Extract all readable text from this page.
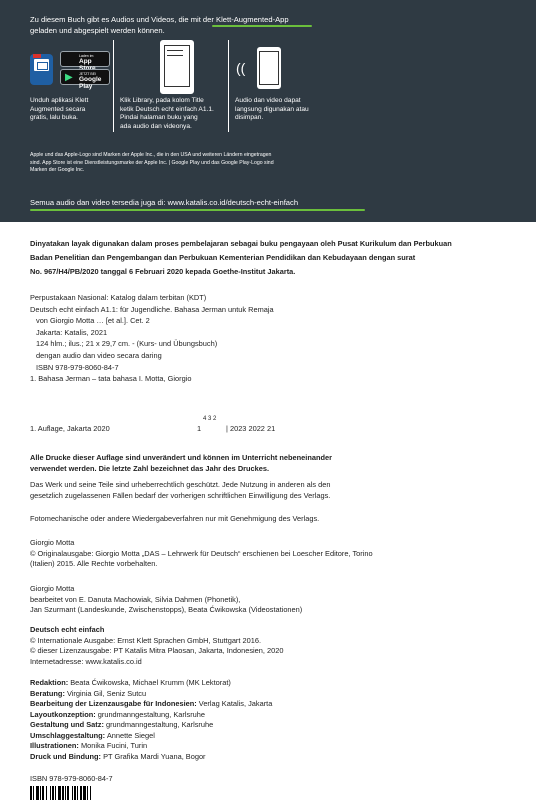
Zu diesem Buch gibt es Audios und Videos, die mit der Klett-Augmented-App
geladen und abgespielt werden können.
Laden im
App
▶ JETZT BEI
Google Play
((
Unduh aplikasi Klett
Augmented secara
gratis, lalu buka.
Klik Library, pada kolom Title
ketik Deutsch echt einfach A1.1.
Pindai halaman buku yang
ada audio dan videonya.
Audio dan video dapat
langsung digunakan atau
disimpan.
Apple und das Apple-Logo sind Marken der Apple Inc., die in den USA und weiteren Ländern eingetragen
sind. App Store ist eine Dienstleistungsmarke der Apple Inc. | Google Play und das Google Play-Logo sind
Marken der Google Inc.
Semua audio dan video tersedia juga di: www.katalis.co.id/deutsch-echt-einfach
Dinyatakan layak digunakan dalam proses pembelajaran sebagai buku pengayaan oleh Pusat Kurikulum dan Perbukuan
Badan Penelitian dan Pengembangan dan Perbukuan Kementerian Pendidikan dan Kebudayaan dengan surat
No. 967/H4/PB/2020 tanggal 6 Februari 2020 kepada Goethe-Institut Jakarta.
Perpustakaan Nasional: Katalog dalam terbitan (KDT)
Deutsch echt einfach A1.1: für Jugendliche. Bahasa Jerman untuk Remaja
von Giorgio Motta … [et al.]. Cet. 2
Jakarta: Katalis, 2021
124 hlm.; ilus.; 21 x 29,7 cm. - (Kurs- und Übungsbuch)
dengan audio dan video secara daring
ISBN 978-979-8060-84-7
1. Bahasa Jerman – tata bahasa I. Motta, Giorgio
1. Auflage, Jakarta 2020	1
4 3 2
| 2023 2022 21
Alle Drucke dieser Auflage sind unverändert und können im Unterricht nebeneinander
verwendet werden. Die letzte Zahl bezeichnet das Jahr des Druckes.
Das Werk und seine Teile sind urheberrechtlich geschützt. Jede Nutzung in anderen als den
gesetzlich zugelassenen Fällen bedarf der vorherigen schriftlichen Einwilligung des Verlags.
Fotomechanische oder andere Wiedergabeverfahren nur mit Genehmigung des Verlags.
Giorgio Motta
© Originalausgabe: Giorgio Motta „DAS – Lehrwerk für Deutsch“ erschienen bei Loescher Editore, Torino
(Italien) 2015. Alle Rechte vorbehalten.
Giorgio Motta
bearbeitet von E. Danuta Machowiak, Silvia Dahmen (Phonetik),
Jan Szurmant (Landeskunde, Zwischenstopps), Beata Ćwikowska (Videostationen)
Deutsch echt einfach
© Internationale Ausgabe: Ernst Klett Sprachen GmbH, Stuttgart 2016.
© dieser Lizenzausgabe: PT Katalis Mitra Plaosan, Jakarta, Indonesien, 2020
Internetadresse: www.katalis.co.id
Redaktion: Beata Ćwikowska, Michael Krumm (MK Lektorat)
Beratung: Virginia Gil, Seniz Sutcu
Bearbeitung der Lizenzausgabe für Indonesien: Verlag Katalis, Jakarta
Layoutkonzeption: grundmanngestaltung, Karlsruhe
Gestaltung und Satz: grundmanngestaltung, Karlsruhe
Umschlaggestaltung: Annette Siegel
Illustrationen: Monika Fucini, Turin
Druck und Bindung: PT Grafika Mardi Yuana, Bogor
ISBN 978-979-8060-84-7
